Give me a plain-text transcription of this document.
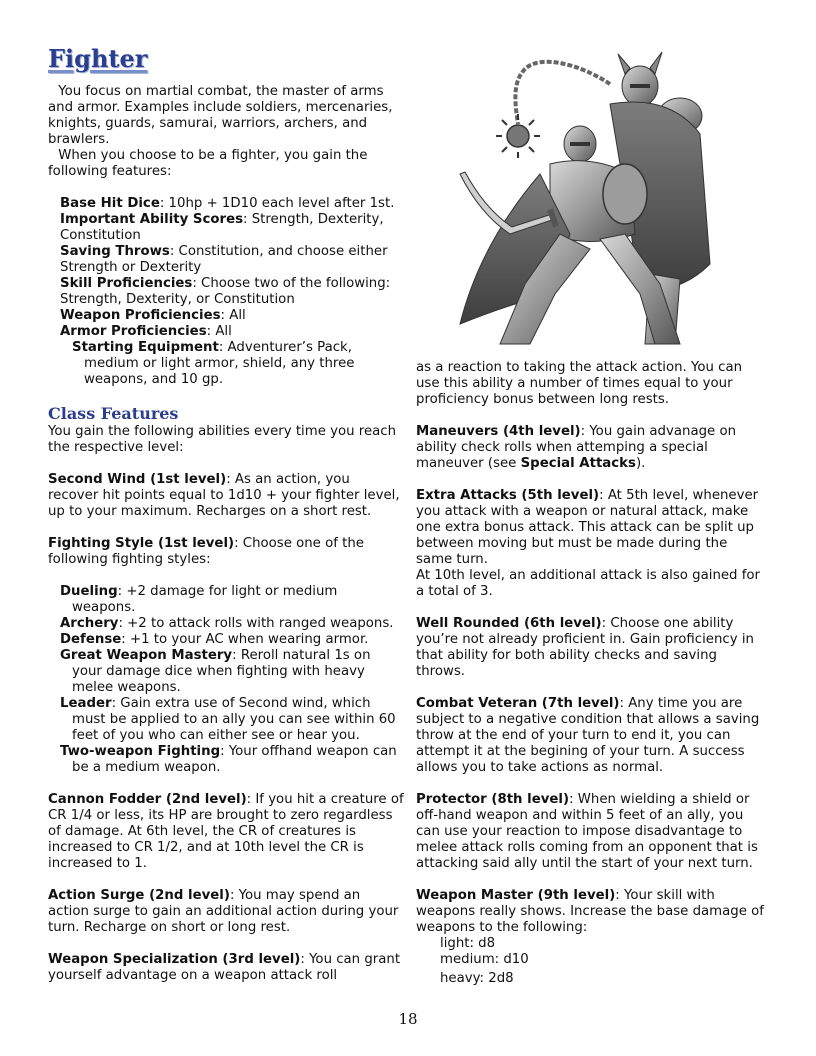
Fighter

You focus on martial combat, the master of arms and armor. Examples include soldiers, mercenaries, knights, guards, samurai, warriors, archers, and brawlers.

When you choose to be a fighter, you gain the following features:

Base Hit Dice: 10hp + 1D10 each level after 1st.
Important Ability Scores: Strength, Dexterity, Constitution
Saving Throws: Constitution, and choose either Strength or Dexterity
Skill Proficiencies: Choose two of the following: Strength, Dexterity, or Constitution
Weapon Proficiencies: All
Armor Proficiencies: All
Starting Equipment: Adventurer’s Pack, medium or light armor, shield, any three weapons, and 10 gp.
Class Features

You gain the following abilities every time you reach the respective level:

Second Wind (1st level): As an action, you recover hit points equal to 1d10 + your fighter level, up to your maximum. Recharges on a short rest.

Fighting Style (1st level): Choose one of the following fighting styles:

Dueling: +2 damage for light or medium weapons.
Archery: +2 to attack rolls with ranged weapons.
Defense: +1 to your AC when wearing armor.
Great Weapon Mastery: Reroll natural 1s on your damage dice when fighting with heavy melee weapons.
Leader: Gain extra use of Second wind, which must be applied to an ally you can see within 60 feet of you who can either see or hear you.
Two-weapon Fighting: Your offhand weapon can be a medium weapon.

Cannon Fodder (2nd level): If you hit a creature of CR 1/4 or less, its HP are brought to zero regardless of damage. At 6th level, the CR of creatures is increased to CR 1/2, and at 10th level the CR is increased to 1.

Action Surge (2nd level): You may spend an action surge to gain an additional action during your turn. Recharge on short or long rest.

Weapon Specialization (3rd level): You can grant yourself advantage on a weapon attack roll

as a reaction to taking the attack action. You can use this ability a number of times equal to your proficiency bonus between long rests.

Maneuvers (4th level): You gain advanage on ability check rolls when attemping a special maneuver (see Special Attacks).

Extra Attacks (5th level): At 5th level, whenever you attack with a weapon or natural attack, make one extra bonus attack. This attack can be split up between moving but must be made during the same turn.

At 10th level, an additional attack is also gained for a total of 3.

Well Rounded (6th level): Choose one ability you’re not already proficient in. Gain proficiency in that ability for both ability checks and saving throws.

Combat Veteran (7th level): Any time you are subject to a negative condition that allows a saving throw at the end of your turn to end it, you can attempt it at the begining of your turn. A success allows you to take actions as normal.

Protector (8th level): When wielding a shield or off-hand weapon and within 5 feet of an ally, you can use your reaction to impose disadvantage to melee attack rolls coming from an opponent that is attacking said ally until the start of your next turn.

Weapon Master (9th level): Your skill with weapons really shows. Increase the base damage of weapons to the following:

light: d8
medium: d10
heavy: 2d8
18
